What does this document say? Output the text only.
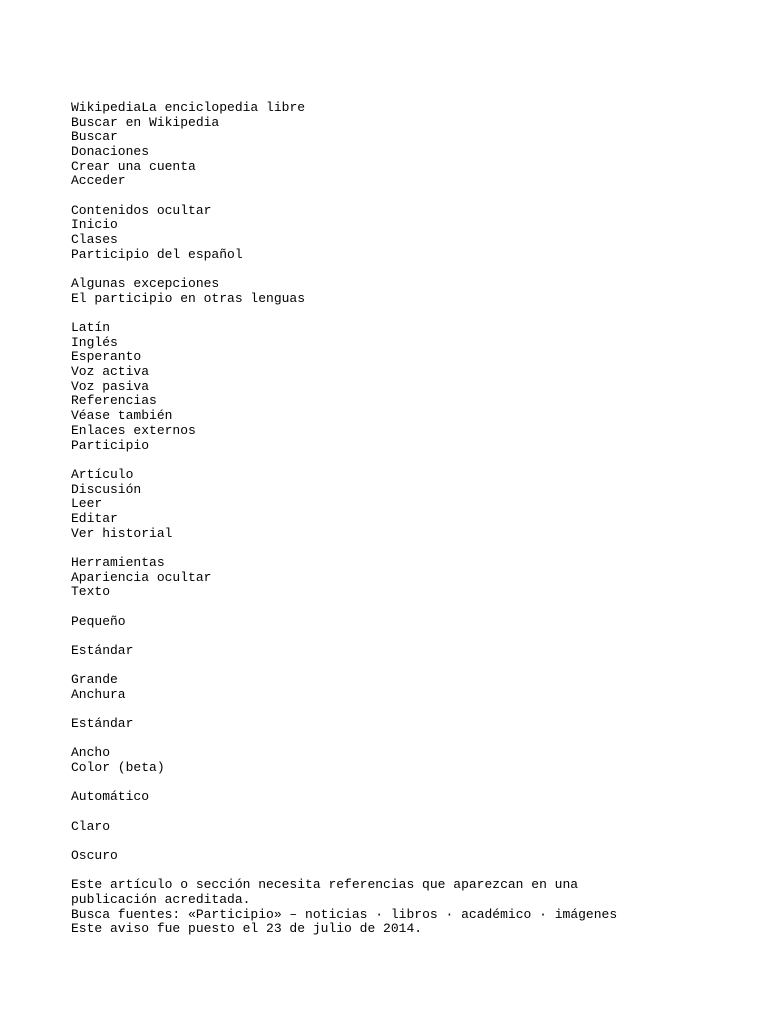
WikipediaLa enciclopedia libre
Buscar en Wikipedia
Buscar
Donaciones
Crear una cuenta
Acceder
Contenidos ocultar
Inicio
Clases
Participio del español
Algunas excepciones
El participio en otras lenguas
Latín
Inglés
Esperanto
Voz activa
Voz pasiva
Referencias
Véase también
Enlaces externos
Participio
Artículo
Discusión
Leer
Editar
Ver historial
Herramientas
Apariencia ocultar
Texto
Pequeño
Estándar
Grande
Anchura
Estándar
Ancho
Color (beta)
Automático
Claro
Oscuro
Este artículo o sección necesita referencias que aparezcan en una publicación acreditada.
Busca fuentes: «Participio» – noticias · libros · académico · imágenes
Este aviso fue puesto el 23 de julio de 2014.
